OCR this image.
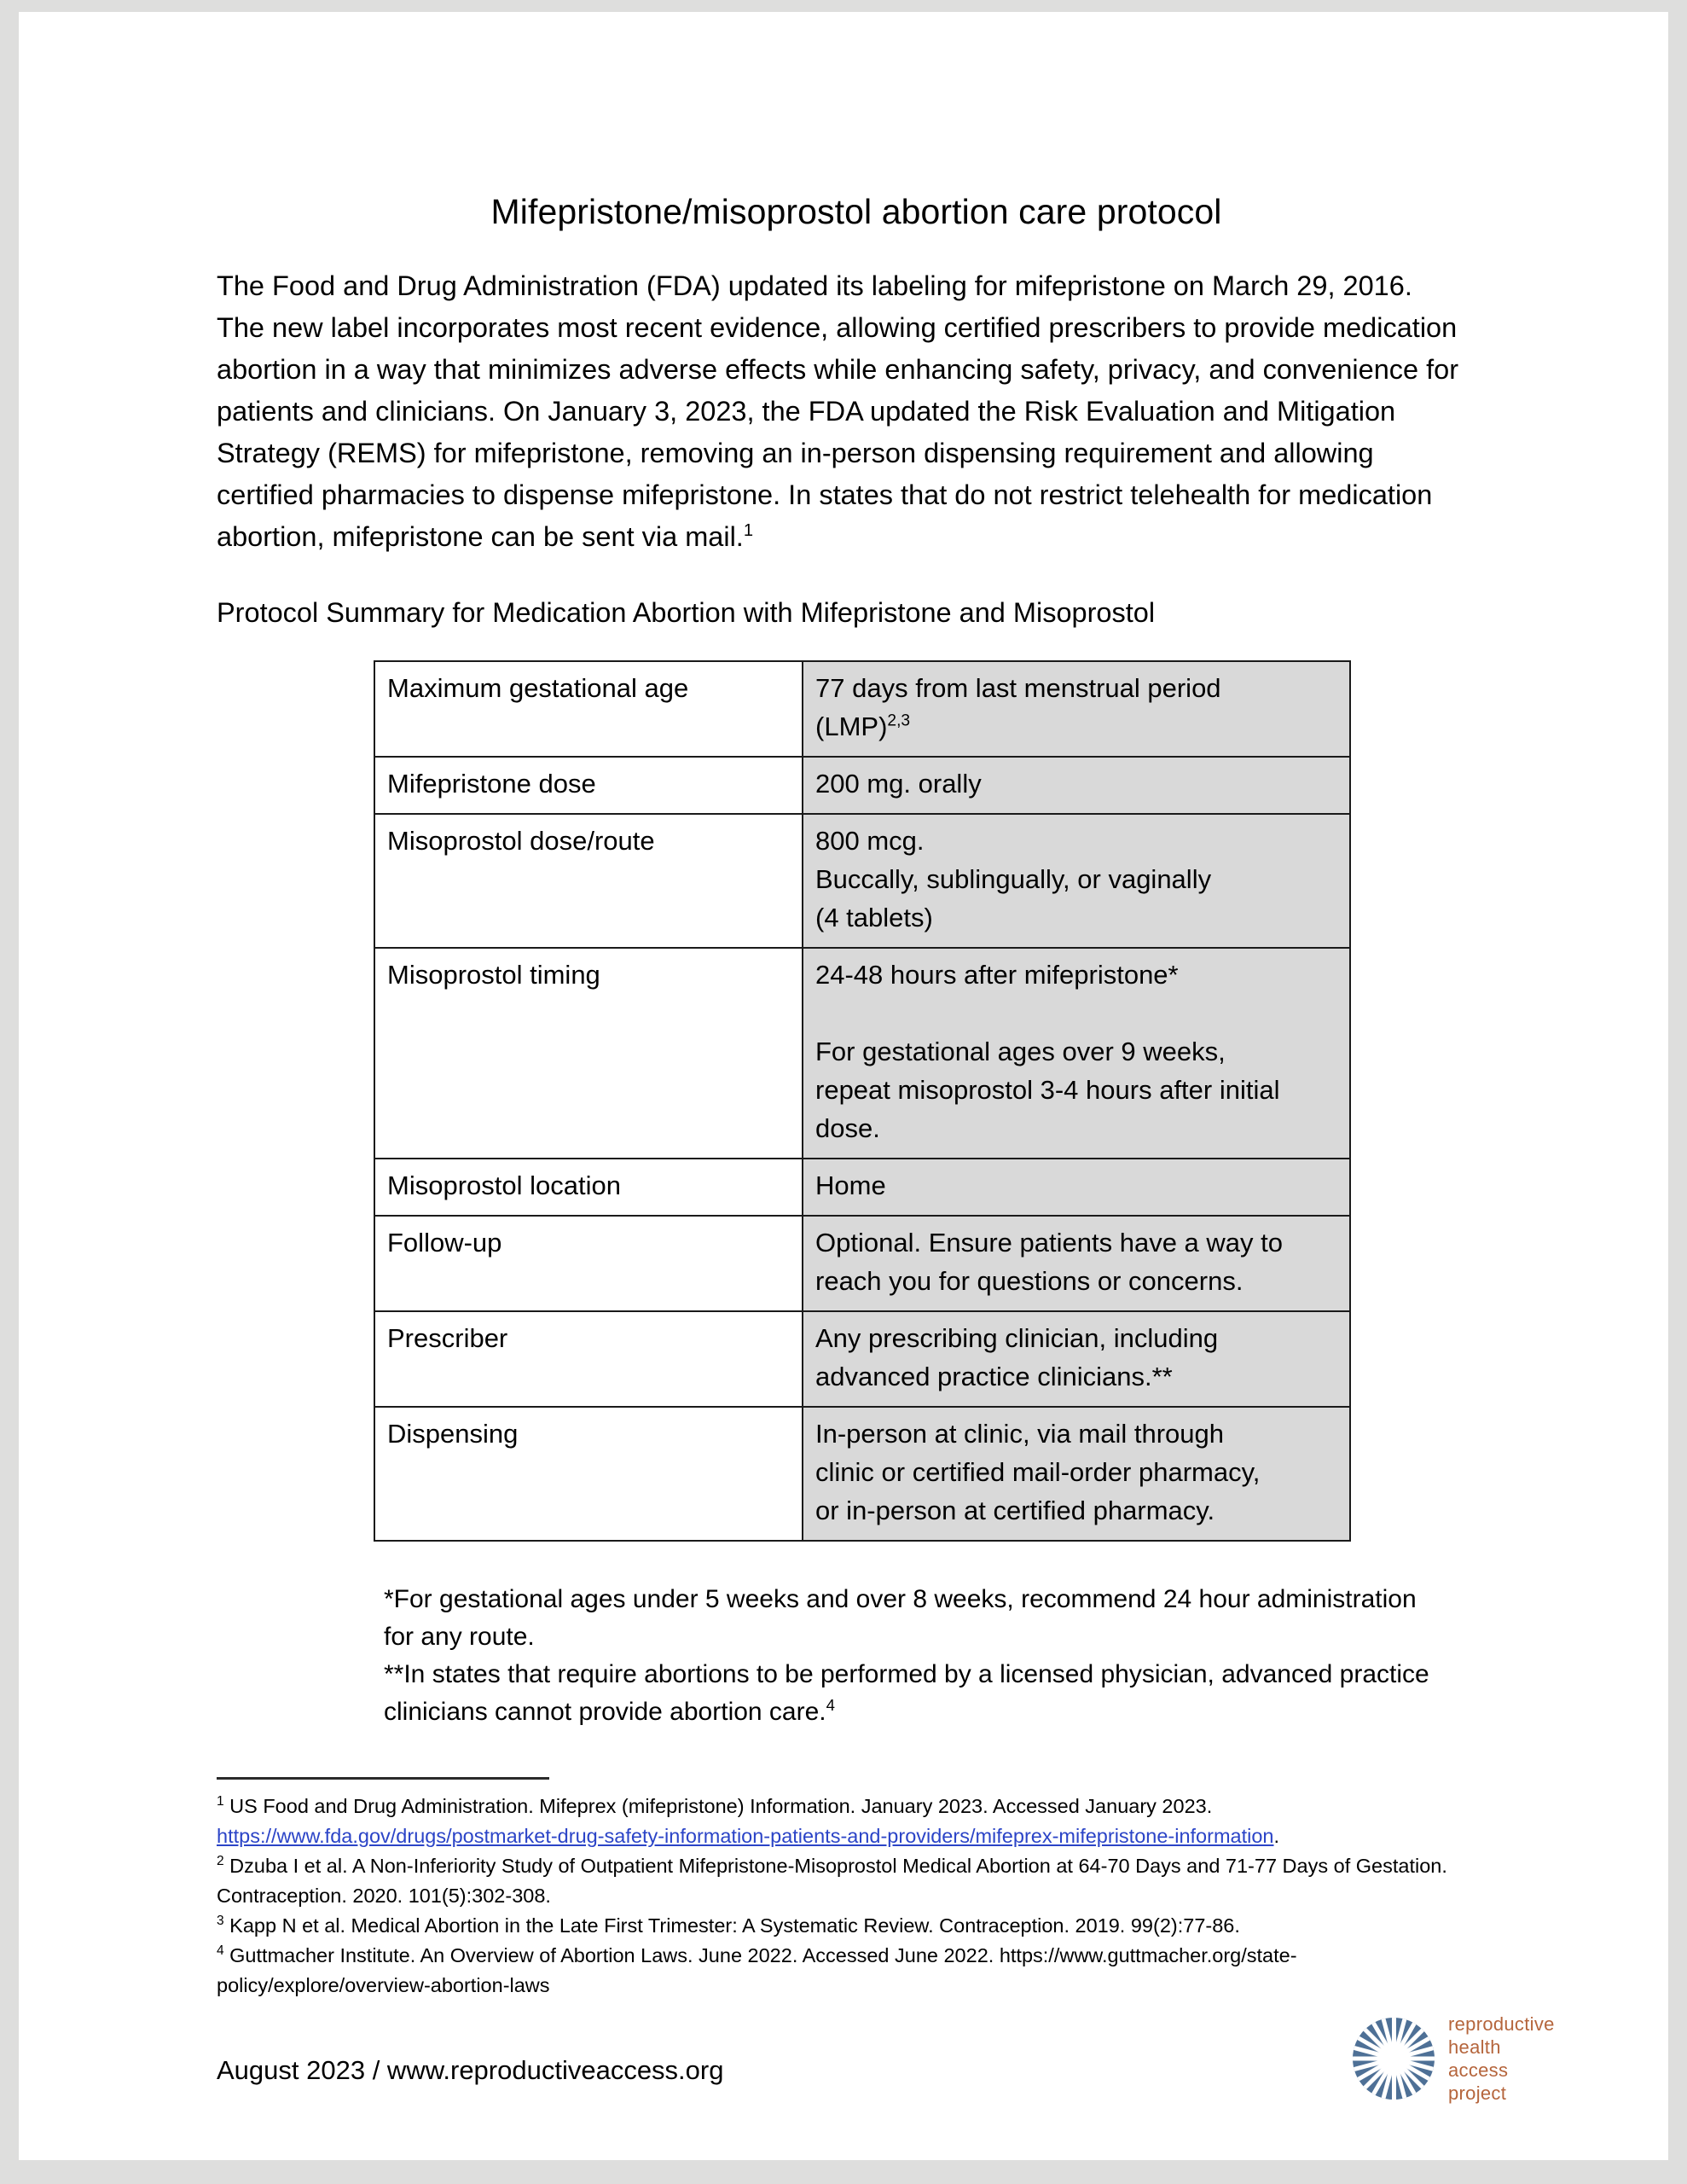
Mifepristone/misoprostol abortion care protocol

The Food and Drug Administration (FDA) updated its labeling for mifepristone on March 29, 2016. The new label incorporates most recent evidence, allowing certified prescribers to provide medication abortion in a way that minimizes adverse effects while enhancing safety, privacy, and convenience for patients and clinicians. On January 3, 2023, the FDA updated the Risk Evaluation and Mitigation Strategy (REMS) for mifepristone, removing an in-person dispensing requirement and allowing certified pharmacies to dispense mifepristone. In states that do not restrict telehealth for medication abortion, mifepristone can be sent via mail.$^1$

Protocol Summary for Medication Abortion with Mifepristone and Misoprostol

Maximum gestational age	77 days from last menstrual period
(LMP)$^{2,3}$

Mifepristone dose	200 mg. orally

Misoprostol dose/route	800 mcg.
Buccally, sublingually, or vaginally
(4 tablets)

Misoprostol timing	24-48 hours after mifepristone*
For gestational ages over 9 weeks,
repeat misoprostol 3-4 hours after initial
dose.

Misoprostol location	Home

Follow-up	Optional. Ensure patients have a way to
reach you for questions or concerns.

Prescriber	Any prescribing clinician, including
advanced practice clinicians.**

Dispensing	In-person at clinic, via mail through
clinic or certified mail-order pharmacy,
or in-person at certified pharmacy.

*For gestational ages under 5 weeks and over 8 weeks, recommend 24 hour administration for any route.

**In states that require abortions to be performed by a licensed physician, advanced practice clinicians cannot provide abortion care.$^4$

$^1$ US Food and Drug Administration. Mifeprex (mifepristone) Information. January 2023. Accessed January 2023.

https://www.fda.gov/drugs/postmarket-drug-safety-information-patients-and-providers/mifeprex-mifepristone-information.

$^2$ Dzuba I et al. A Non-Inferiority Study of Outpatient Mifepristone-Misoprostol Medical Abortion at 64-70 Days and 71-77 Days of Gestation. Contraception. 2020. 101(5):302-308.

$^3$ Kapp N et al. Medical Abortion in the Late First Trimester: A Systematic Review. Contraception. 2019. 99(2):77-86.

$^4$ Guttmacher Institute. An Overview of Abortion Laws. June 2022. Accessed June 2022. https://www.guttmacher.org/state-policy/explore/overview-abortion-laws

August 2023 / www.reproductiveaccess.org
reproductive
health
access
project
